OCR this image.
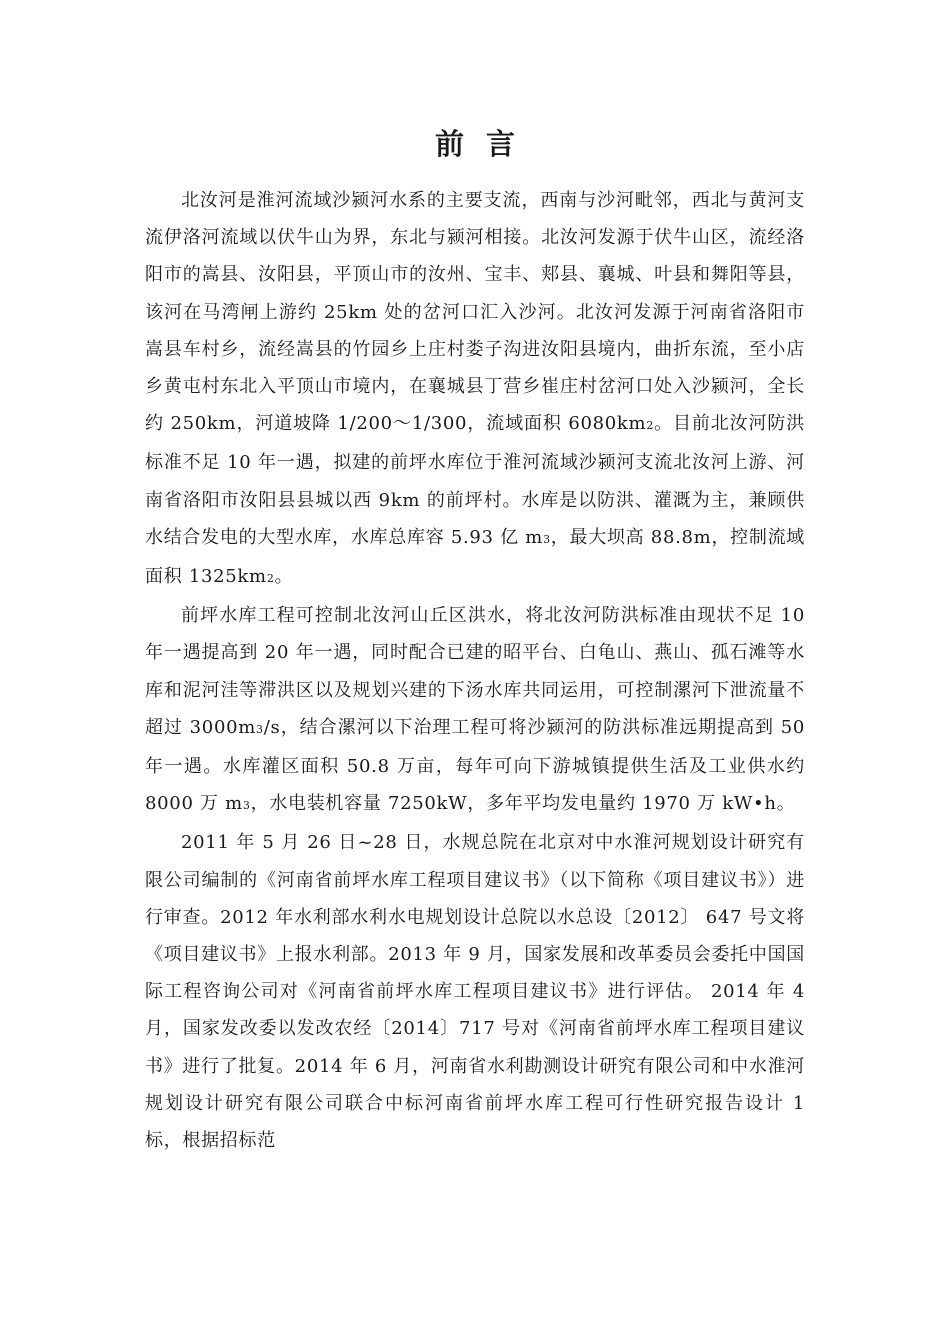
前言

北汝河是淮河流域沙颍河水系的主要支流，西南与沙河毗邻，西北与黄河支流伊洛河流域以伏牛山为界，东北与颍河相接。北汝河发源于伏牛山区，流经洛阳市的嵩县、汝阳县，平顶山市的汝州、宝丰、郏县、襄城、叶县和舞阳等县，该河在马湾闸上游约 25km 处的岔河口汇入沙河。北汝河发源于河南省洛阳市嵩县车村乡，流经嵩县的竹园乡上庄村娄子沟进汝阳县境内，曲折东流，至小店乡黄屯村东北入平顶山市境内，在襄城县丁营乡崔庄村岔河口处入沙颍河，全长约 250km，河道坡降 1/200～1/300，流域面积 6080km2。目前北汝河防洪标准不足 10 年一遇，拟建的前坪水库位于淮河流域沙颍河支流北汝河上游、河南省洛阳市汝阳县县城以西 9km 的前坪村。水库是以防洪、灌溉为主，兼顾供水结合发电的大型水库，水库总库容 5.93 亿 m3，最大坝高 88.8m，控制流域面积 1325km2。

前坪水库工程可控制北汝河山丘区洪水，将北汝河防洪标准由现状不足 10 年一遇提高到 20 年一遇，同时配合已建的昭平台、白龟山、燕山、孤石滩等水库和泥河洼等滞洪区以及规划兴建的下汤水库共同运用，可控制漯河下泄流量不超过 3000m3/s，结合漯河以下治理工程可将沙颍河的防洪标准远期提高到 50 年一遇。水库灌区面积 50.8 万亩，每年可向下游城镇提供生活及工业供水约 8000 万 m3，水电装机容量 7250kW，多年平均发电量约 1970 万 kW•h。

2011 年 5 月 26 日~28 日，水规总院在北京对中水淮河规划设计研究有限公司编制的《河南省前坪水库工程项目建议书》（以下简称《项目建议书》）进行审查。2012 年水利部水利水电规划设计总院以水总设〔2012〕 647 号文将《项目建议书》上报水利部。2013 年 9 月，国家发展和改革委员会委托中国国际工程咨询公司对《河南省前坪水库工程项目建议书》进行评估。 2014 年 4 月，国家发改委以发改农经〔2014〕717 号对《河南省前坪水库工程项目建议书》进行了批复。2014 年 6 月，河南省水利勘测设计研究有限公司和中水淮河规划设计研究有限公司联合中标河南省前坪水库工程可行性研究报告设计 1 标，根据招标范
